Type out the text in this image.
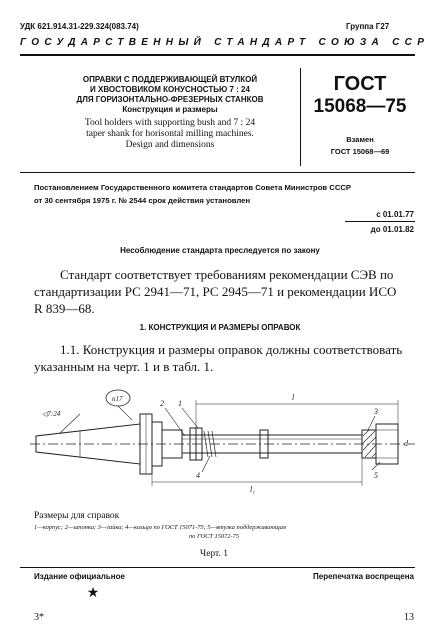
УДК 621.914.31-229.324(083.74)	Группа Г27
ГОСУДАРСТВЕННЫЙ СТАНДАРТ СОЮЗА ССР
ОПРАВКИ С ПОДДЕРЖИВАЮЩЕЙ ВТУЛКОЙ
И ХВОСТОВИКОМ КОНУСНОСТЬЮ 7 : 24
ДЛЯ ГОРИЗОНТАЛЬНО-ФРЕЗЕРНЫХ СТАНКОВ
Конструкция и размеры
Tool holders with supporting bush and 7 : 24
taper shank for horisontal milling machines.
Design and dimensions
ГОСТ
15068—75
Взамен
ГОСТ 15068—69
Постановлением Государственного комитета стандартов Совета Министров СССР
от 30 сентября 1975 г. № 2544 срок действия установлен
с 01.01.77
до 01.01.82
Несоблюдение стандарта преследуется по закону
Стандарт соответствует требованиям рекомендации СЭВ по
стандартизации РС 2941—71, РС 2945—71 и рекомендации ИСО
R 839—68.
1. КОНСТРУКЦИЯ И РАЗМЕРЫ ОПРАВОК
1.1. Конструкция и размеры оправок должны соответствовать
указанным на черт. 1 и в табл. 1.
◁7:24
n17	1
2
3
4	5
l
l₁
d
Размеры для справок
1—корпус; 2—шпонка; 3—гайка; 4—кольцо по ГОСТ 15071-75; 5—втулка поддерживающая
по ГОСТ 15072-75
Черт. 1
Издание официальное	Перепечатка воспрещена
★
3*	13
